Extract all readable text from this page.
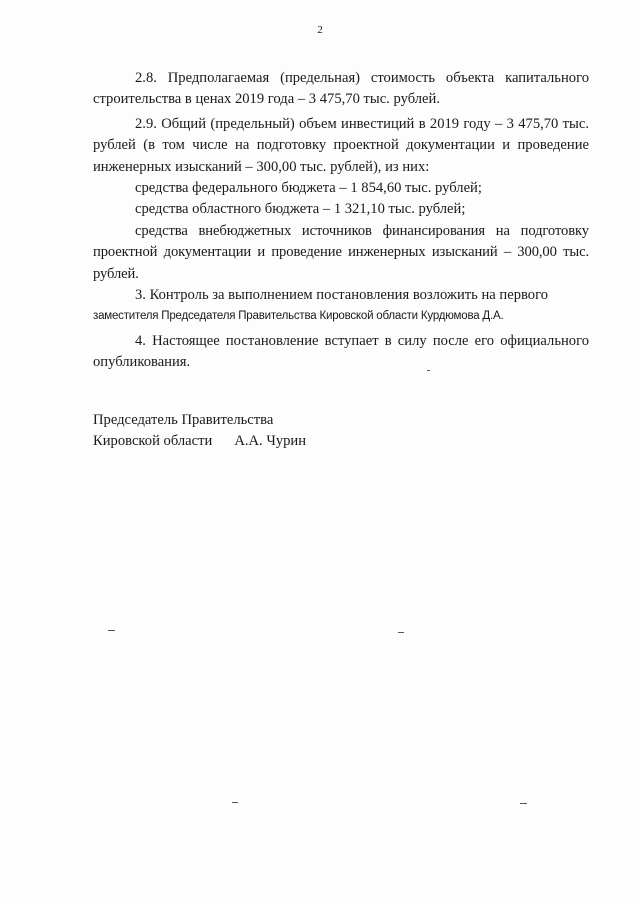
2

2.8. Предполагаемая (предельная) стоимость объекта капитального строительства в ценах 2019 года – 3 475,70 тыс. рублей.

2.9. Общий (предельный) объем инвестиций в 2019 году – 3 475,70 тыс. рублей (в том числе на подготовку проектной документации и проведение инженерных изысканий – 300,00 тыс. рублей), из них:

средства федерального бюджета – 1 854,60 тыс. рублей;

средства областного бюджета – 1 321,10 тыс. рублей;

средства внебюджетных источников финансирования на подготовку проектной документации и проведение инженерных изысканий – 300,00 тыс. рублей.

3. Контроль за выполнением постановления возложить на первого
заместителя Председателя Правительства Кировской области Курдюмова Д.А.

4. Настоящее постановление вступает в силу после его официального опубликования.

Председатель Правительства
Кировской области А.А. Чурин
